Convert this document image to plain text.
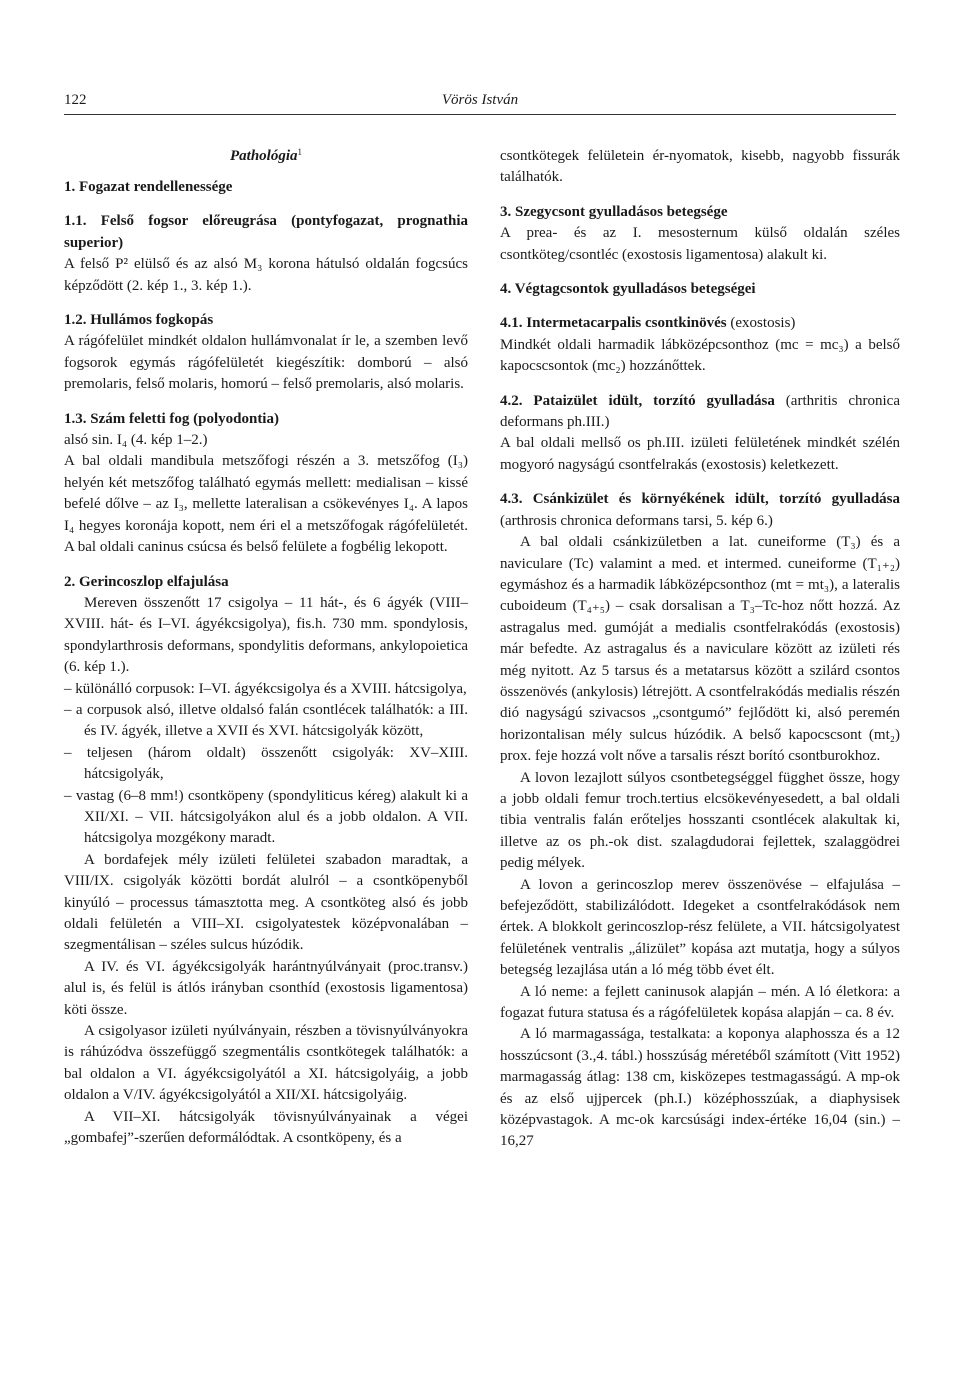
122	Vörös István

Pathológia$^1$

1. Fogazat rendellenessége

1.1. Felső fogsor előreugrása (pontyfogazat, prognathia superior)

A felső P² elülső és az alsó M₃ korona hátulsó oldalán fogcsúcs képződött (2. kép 1., 3. kép 1.).

1.2. Hullámos fogkopás

A rágófelület mindkét oldalon hullámvonalat ír le, a szemben levő fogsorok egymás rágófelületét kiegészítik: domború – alsó premolaris, felső molaris, homorú – felső premolaris, alsó molaris.

1.3. Szám feletti fog (polyodontia)

alsó sin. I₄ (4. kép 1–2.)

A bal oldali mandibula metszőfogi részén a 3. metszőfog (I₃) helyén két metszőfog található egymás mellett: medialisan – kissé befelé dőlve – az I₃, mellette lateralisan a csökevényes I₄. A lapos I₄ hegyes koronája kopott, nem éri el a metszőfogak rágófelületét. A bal oldali caninus csúcsa és belső felülete a fogbélig lekopott.

2. Gerincoszlop elfajulása

Mereven összenőtt 17 csigolya – 11 hát-, és 6 ágyék (VIII–XVIII. hát- és I–VI. ágyékcsigolya), fis.h. 730 mm. spondylosis, spondylarthrosis deformans, spondylitis deformans, ankylopoietica (6. kép 1.).

– különálló corpusok: I–VI. ágyékcsigolya és a XVIII. hátcsigolya,

– a corpusok alsó, illetve oldalsó falán csontlécek találhatók: a III. és IV. ágyék, illetve a XVII és XVI. hátcsigolyák között,

– teljesen (három oldalt) összenőtt csigolyák: XV–XIII. hátcsigolyák,

– vastag (6–8 mm!) csontköpeny (spondyliticus kéreg) alakult ki a XII/XI. – VII. hátcsigolyákon alul és a jobb oldalon. A VII. hátcsigolya mozgékony maradt.

A bordafejek mély izületi felületei szabadon maradtak, a VIII/IX. csigolyák közötti bordát alulról – a csontköpenyből kinyúló – processus támasztotta meg. A csontköteg alsó és jobb oldali felületén a VIII–XI. csigolyatestek középvonalában – szegmentálisan – széles sulcus húzódik.

A IV. és VI. ágyékcsigolyák harántnyúlványait (proc.transv.) alul is, és felül is átlós irányban csonthíd (exostosis ligamentosa) köti össze.

A csigolyasor izületi nyúlványain, részben a tövisnyúlványokra is ráhúzódva összefüggő szegmentális csontkötegek találhatók: a bal oldalon a VI. ágyékcsigolyától a XI. hátcsigolyáig, a jobb oldalon a V/IV. ágyékcsigolyától a XII/XI. hátcsigolyáig.

A VII–XI. hátcsigolyák tövisnyúlványainak a végei „gombafej”-szerűen deformálódtak. A csontköpeny, és a

csontkötegek felületein ér-nyomatok, kisebb, nagyobb fissurák találhatók.

3. Szegycsont gyulladásos betegsége

A prea- és az I. mesosternum külső oldalán széles csontköteg/csontléc (exostosis ligamentosa) alakult ki.

4. Végtagcsontok gyulladásos betegségei

4.1. Intermetacarpalis csontkinövés (exostosis)

Mindkét oldali harmadik lábközépcsonthoz (mc = mc₃) a belső kapocscsontok (mc₂) hozzánőttek.

4.2. Pataizület idült, torzító gyulladása (arthritis chronica deformans ph.III.)

A bal oldali mellső os ph.III. izületi felületének mindkét szélén mogyoró nagyságú csontfelrakás (exostosis) keletkezett.

4.3. Csánkizület és környékének idült, torzító gyulladása (arthrosis chronica deformans tarsi, 5. kép 6.)

A bal oldali csánkizületben a lat. cuneiforme (T₃) és a naviculare (Tc) valamint a med. et intermed. cuneiforme (T₁₊₂) egymáshoz és a harmadik lábközépcsonthoz (mt = mt₃), a lateralis cuboideum (T₄₊₅) – csak dorsalisan a T₃–Tc-hoz nőtt hozzá. Az astragalus med. gumóját a medialis csontfelrakódás (exostosis) már befedte. Az astragalus és a naviculare között az izületi rés még nyitott. Az 5 tarsus és a metatarsus között a szilárd csontos összenövés (ankylosis) létrejött. A csontfelrakódás medialis részén dió nagyságú szivacsos „csontgumó” fejlődött ki, alsó peremén horizontalisan mély sulcus húzódik. A belső kapocscsont (mt₂) prox. feje hozzá volt nőve a tarsalis részt borító csontburokhoz.

A lovon lezajlott súlyos csontbetegséggel függhet össze, hogy a jobb oldali femur troch.tertius elcsökevényesedett, a bal oldali tibia ventralis falán erőteljes hosszanti csontlécek alakultak ki, illetve az os ph.-ok dist. szalagdudorai fejlettek, szalaggödrei pedig mélyek.

A lovon a gerincoszlop merev összenövése – elfajulása – befejeződött, stabilizálódott. Idegeket a csontfelrakódások nem értek. A blokkolt gerincoszlop-rész felülete, a VII. hátcsigolyatest felületének ventralis „álizület” kopása azt mutatja, hogy a súlyos betegség lezajlása után a ló még több évet élt.

A ló neme: a fejlett caninusok alapján – mén. A ló életkora: a fogazat futura statusa és a rágófelületek kopása alapján – ca. 8 év.

A ló marmagassága, testalkata: a koponya alaphossza és a 12 hosszúcsont (3.,4. tábl.) hosszúság méretéből számított (Vitt 1952) marmagasság átlag: 138 cm, kisközepes testmagasságú. A mp-ok és az első ujjpercek (ph.I.) középhosszúak, a diaphysisek középvastagok. A mc-ok karcsúsági index-értéke 16,04 (sin.) – 16,27
